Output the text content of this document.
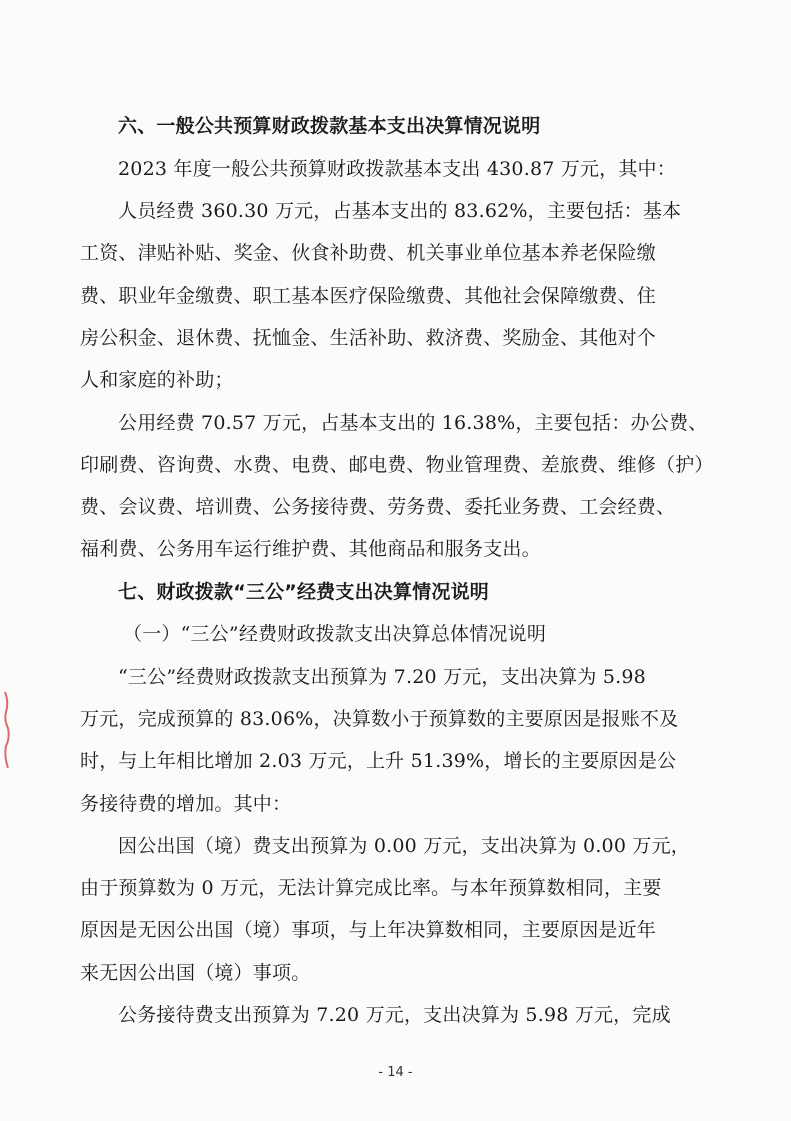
六、一般公共预算财政拨款基本支出决算情况说明
2023 年度一般公共预算财政拨款基本支出 430.87 万元，其中：
人员经费 360.30 万元，占基本支出的 83.62%，主要包括：基本
工资、津贴补贴、奖金、伙食补助费、机关事业单位基本养老保险缴
费、职业年金缴费、职工基本医疗保险缴费、其他社会保障缴费、住
房公积金、退休费、抚恤金、生活补助、救济费、奖励金、其他对个
人和家庭的补助；
公用经费 70.57 万元，占基本支出的 16.38%，主要包括：办公费、
印刷费、咨询费、水费、电费、邮电费、物业管理费、差旅费、维修（护）
费、会议费、培训费、公务接待费、劳务费、委托业务费、工会经费、
福利费、公务用车运行维护费、其他商品和服务支出。
七、财政拨款“三公”经费支出决算情况说明
（一）“三公”经费财政拨款支出决算总体情况说明
“三公”经费财政拨款支出预算为 7.20 万元，支出决算为 5.98
万元，完成预算的 83.06%，决算数小于预算数的主要原因是报账不及
时，与上年相比增加 2.03 万元，上升 51.39%，增长的主要原因是公
务接待费的增加。其中：
因公出国（境）费支出预算为 0.00 万元，支出决算为 0.00 万元，
由于预算数为 0 万元，无法计算完成比率。与本年预算数相同，主要
原因是无因公出国（境）事项，与上年决算数相同，主要原因是近年
来无因公出国（境）事项。
公务接待费支出预算为 7.20 万元，支出决算为 5.98 万元，完成
- 14 -
